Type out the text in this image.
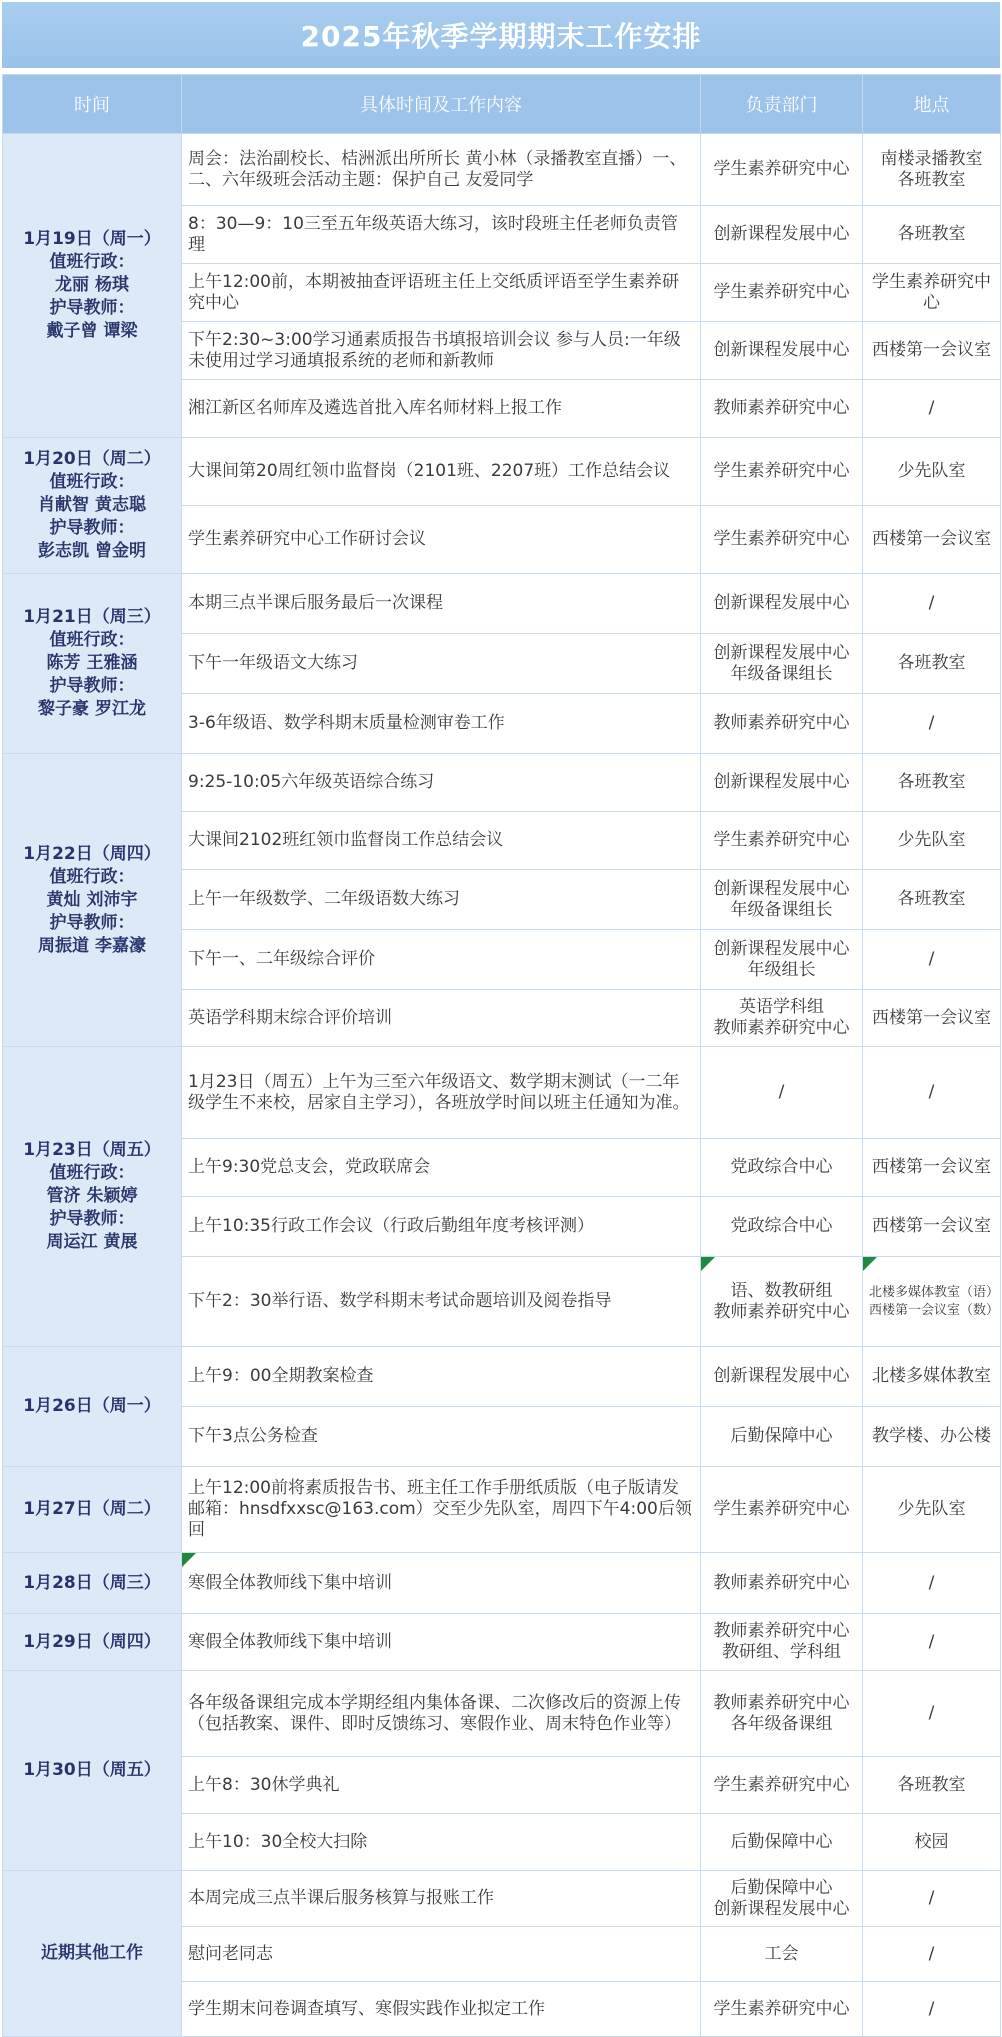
2025年秋季学期期末工作安排
时间	具体时间及工作内容	负责部门	地点

1月19日（周一）
值班行政：
龙丽 杨琪
护导教师：
戴子曾 谭梁	周会：法治副校长、桔洲派出所所长 黄小林（录播教室直播）一、二、六年级班会活动主题：保护自己 友爱同学	学生素养研究中心	南楼录播教室
各班教室

	8：30—9：10三至五年级英语大练习，该时段班主任老师负责管理	创新课程发展中心	各班教室

	上午12:00前，本期被抽查评语班主任上交纸质评语至学生素养研究中心	学生素养研究中心	学生素养研究中心

	下午2:30~3:00学习通素质报告书填报培训会议 参与人员:一年级未使用过学习通填报系统的老师和新教师	创新课程发展中心	西楼第一会议室

	湘江新区名师库及遴选首批入库名师材料上报工作	教师素养研究中心	/

1月20日（周二）
值班行政：
肖献智 黄志聪
护导教师：
彭志凯 曾金明	大课间第20周红领巾监督岗（2101班、2207班）工作总结会议	学生素养研究中心	少先队室

	学生素养研究中心工作研讨会议	学生素养研究中心	西楼第一会议室

1月21日（周三）
值班行政：
陈芳 王雅涵
护导教师：
黎子豪 罗江龙	本期三点半课后服务最后一次课程	创新课程发展中心	/

	下午一年级语文大练习	创新课程发展中心
年级备课组长	各班教室

	3-6年级语、数学科期末质量检测审卷工作	教师素养研究中心	/

1月22日（周四）
值班行政：
黄灿 刘沛宇
护导教师：
周振道 李嘉濠	9:25-10:05六年级英语综合练习	创新课程发展中心	各班教室

	大课间2102班红领巾监督岗工作总结会议	学生素养研究中心	少先队室

	上午一年级数学、二年级语数大练习	创新课程发展中心
年级备课组长	各班教室

	下午一、二年级综合评价	创新课程发展中心
年级组长	/

	英语学科期末综合评价培训	英语学科组
教师素养研究中心	西楼第一会议室

1月23日（周五）
值班行政：
管济 朱颖婷
护导教师：
周运江 黄展	1月23日（周五）上午为三至六年级语文、数学期末测试（一二年级学生不来校，居家自主学习），各班放学时间以班主任通知为准。	/	/

	上午9:30党总支会，党政联席会	党政综合中心	西楼第一会议室

	上午10:35行政工作会议（行政后勤组年度考核评测）	党政综合中心	西楼第一会议室

	下午2：30举行语、数学科期末考试命题培训及阅卷指导	语、数教研组
教师素养研究中心	北楼多媒体教室（语）
西楼第一会议室（数）

1月26日（周一）	上午9：00全期教案检查	创新课程发展中心	北楼多媒体教室

	下午3点公务检查	后勤保障中心	教学楼、办公楼

1月27日（周二）	上午12:00前将素质报告书、班主任工作手册纸质版（电子版请发邮箱：hnsdfxxsc@163.com）交至少先队室，周四下午4:00后领回	学生素养研究中心	少先队室

1月28日（周三）	寒假全体教师线下集中培训	教师素养研究中心	/

1月29日（周四）	寒假全体教师线下集中培训	教师素养研究中心
教研组、学科组	/

1月30日（周五）	各年级备课组完成本学期经组内集体备课、二次修改后的资源上传（包括教案、课件、即时反馈练习、寒假作业、周末特色作业等）	教师素养研究中心
各年级备课组	/

	上午8：30休学典礼	学生素养研究中心	各班教室

	上午10：30全校大扫除	后勤保障中心	校园

近期其他工作	本周完成三点半课后服务核算与报账工作	后勤保障中心
创新课程发展中心	/

	慰问老同志	工会	/

	学生期末问卷调查填写、寒假实践作业拟定工作	学生素养研究中心	/
